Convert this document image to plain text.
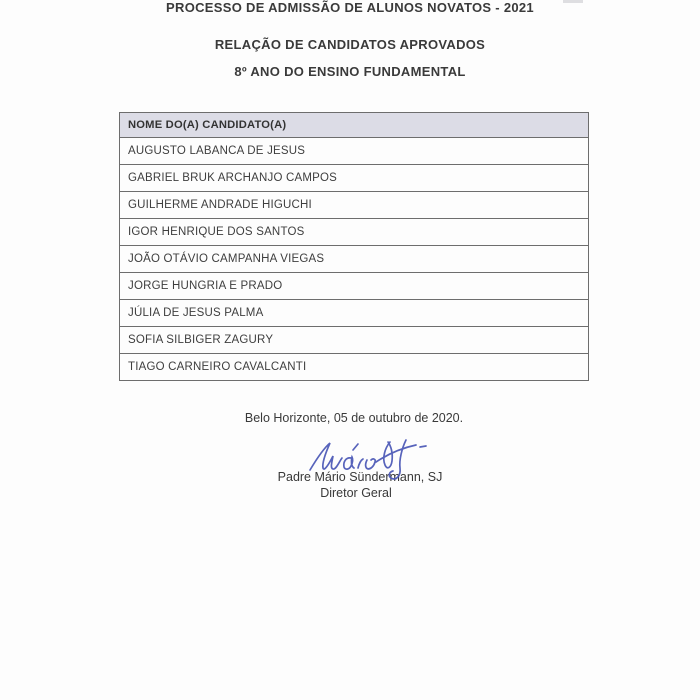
PROCESSO DE ADMISSÃO DE ALUNOS NOVATOS - 2021
RELAÇÃO DE CANDIDATOS APROVADOS
8º ANO DO ENSINO FUNDAMENTAL
NOME DO(A) CANDIDATO(A)
AUGUSTO LABANCA DE JESUS
GABRIEL BRUK ARCHANJO CAMPOS
GUILHERME ANDRADE HIGUCHI
IGOR HENRIQUE DOS SANTOS
JOÃO OTÁVIO CAMPANHA VIEGAS
JORGE HUNGRIA E PRADO
JÚLIA DE JESUS PALMA
SOFIA SILBIGER ZAGURY
TIAGO CARNEIRO CAVALCANTI
Belo Horizonte, 05 de outubro de 2020.
Padre Mário Sündermann, SJ
Diretor Geral
